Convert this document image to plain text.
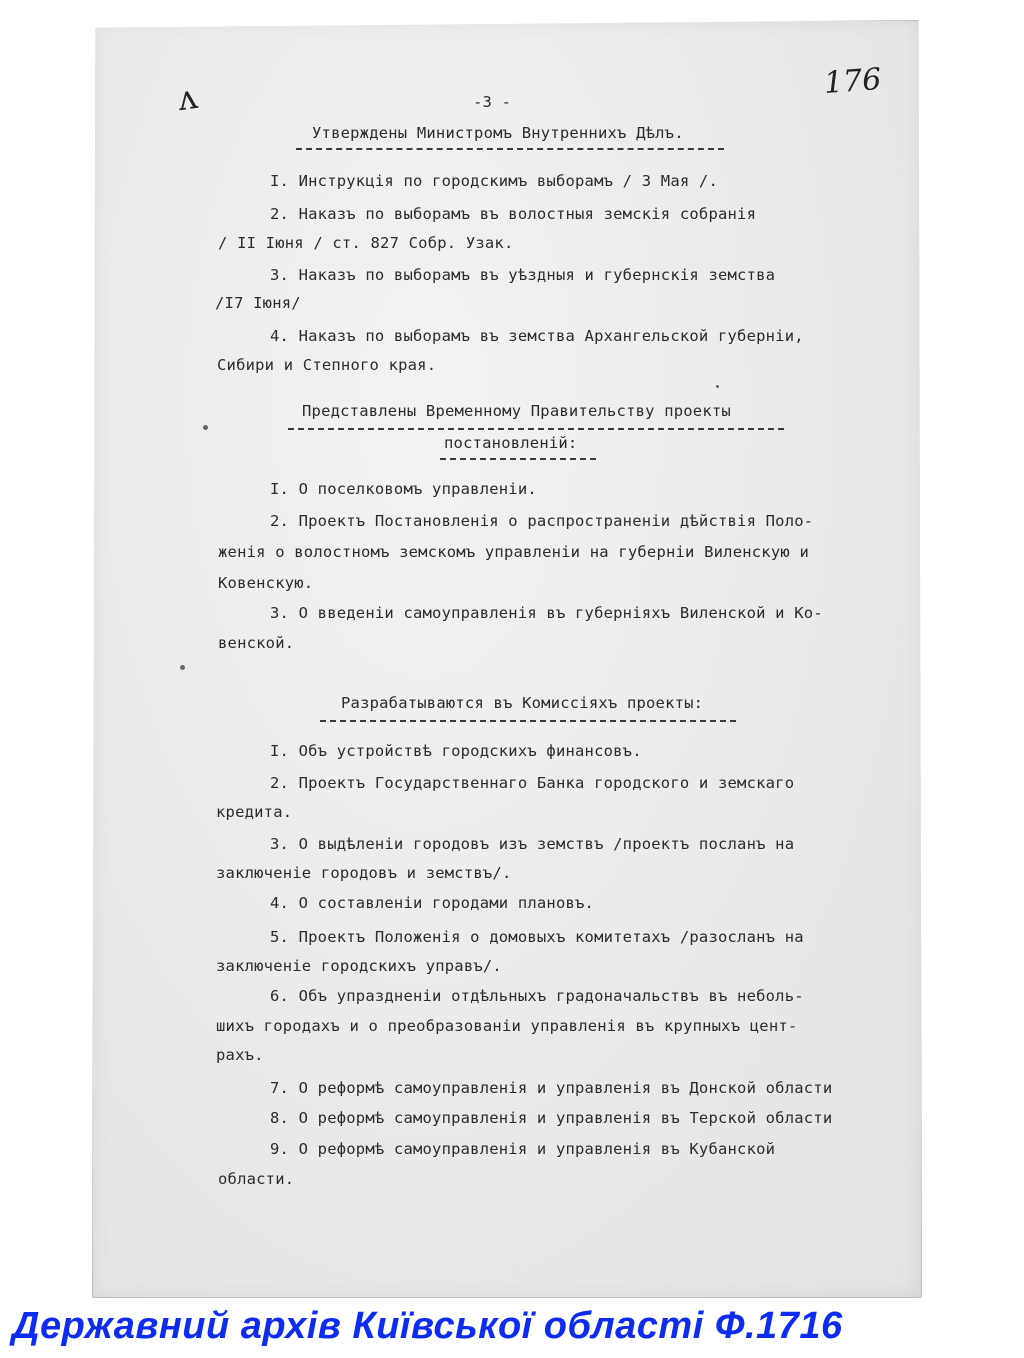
ʌ	176
-3 -
Утверждены Министромъ Внутреннихъ Дѣлъ.
I. Инструкція по городскимъ выборамъ / 3 Мая /.
2. Наказъ по выборамъ въ волостныя земскія собранія
/ II Іюня / ст. 827 Собр. Узак.
3. Наказъ по выборамъ въ уѣздныя и губернскія земства
/I7 Іюня/
4. Наказъ по выборамъ въ земства Архангельской губерніи,
Сибири и Степного края.
Представлены Временному Правительству проекты
постановленій:
I. О поселковомъ управленіи.
2. Проектъ Постановленія о распространеніи дѣйствія Поло-
женія о волостномъ земскомъ управленіи на губерніи Виленскую и
Ковенскую.
3. О введеніи самоуправленія въ губерніяхъ Виленской и Ко-
венской.
Разрабатываются въ Комиссіяхъ проекты:
I. Объ устройствѣ городскихъ финансовъ.
2. Проектъ Государственнаго Банка городского и земскаго
кредита.
3. О выдѣленіи городовъ изъ земствъ /проектъ посланъ на
заключеніе городовъ и земствъ/.
4. О составленіи городами плановъ.
5. Проектъ Положенія о домовыхъ комитетахъ /разосланъ на
заключеніе городскихъ управъ/.
6. Объ упраздненіи отдѣльныхъ градоначальствъ въ неболь-
шихъ городахъ и о преобразованіи управленія въ крупныхъ цент-
рахъ.
7. О реформѣ самоуправленія и управленія въ Донской области
8. О реформѣ самоуправленія и управленія въ Терской области
9. О реформѣ самоуправленія и управленія въ Кубанской
области.
Державний архів Київської області Ф.1716
